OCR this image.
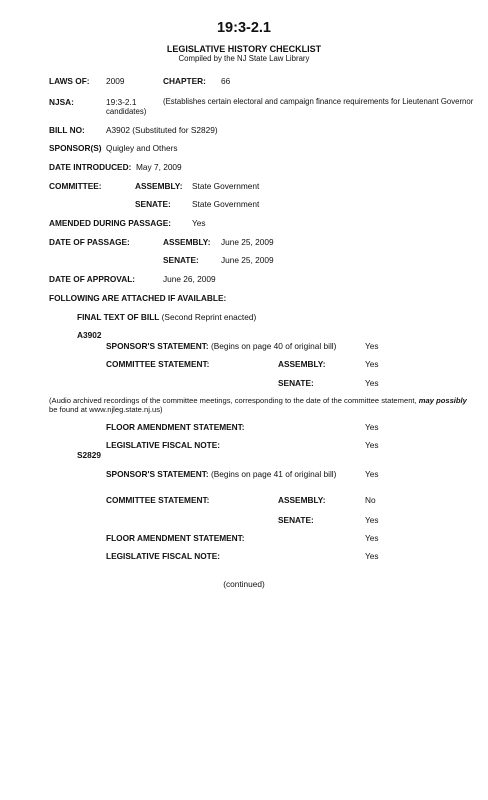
19:3-2.1
LEGISLATIVE HISTORY CHECKLIST
Compiled by the NJ State Law Library
LAWS OF: 2009	CHAPTER: 66
NJSA:	19:3-2.1	(Establishes certain electoral and campaign finance requirements for Lieutenant Governor
candidates)
BILL NO:	A3902 (Substituted for S2829)
SPONSOR(S) Quigley and Others
DATE INTRODUCED: May 7, 2009
COMMITTEE:	ASSEMBLY: State Government
SENATE:	State Government
AMENDED DURING PASSAGE:	Yes
DATE OF PASSAGE:	ASSEMBLY: June 25, 2009
SENATE:	June 25, 2009
DATE OF APPROVAL:	June 26, 2009
FOLLOWING ARE ATTACHED IF AVAILABLE:
FINAL TEXT OF BILL (Second Reprint enacted)
A3902
SPONSOR'S STATEMENT: (Begins on page 40 of original bill)	Yes
COMMITTEE STATEMENT:	ASSEMBLY:	Yes
SENATE:	Yes
(Audio archived recordings of the committee meetings, corresponding to the date of the committee statement, may possibly
be found at www.njleg.state.nj.us)
FLOOR AMENDMENT STATEMENT:	Yes
LEGISLATIVE FISCAL NOTE:	Yes
S2829
SPONSOR'S STATEMENT: (Begins on page 41 of original bill)	Yes
COMMITTEE STATEMENT:	ASSEMBLY:	No
SENATE:	Yes
FLOOR AMENDMENT STATEMENT:	Yes
LEGISLATIVE FISCAL NOTE:	Yes
(continued)
